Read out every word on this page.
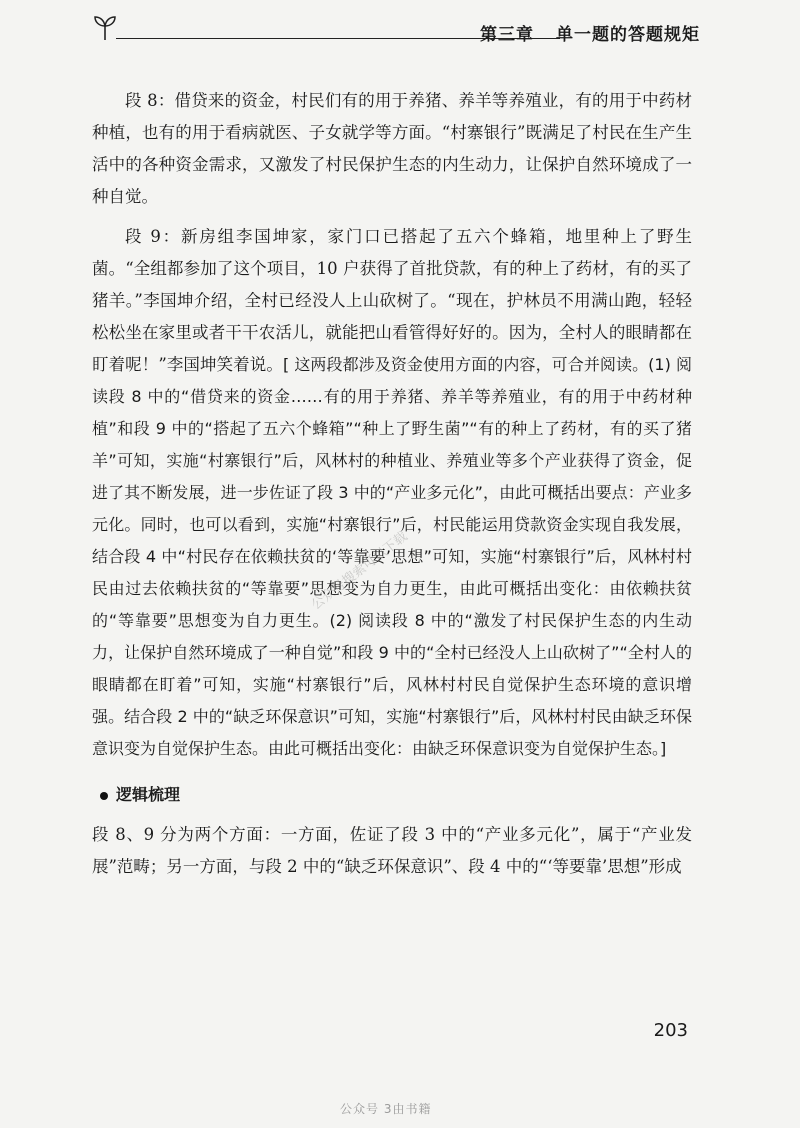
第三章 单一题的答题规矩

段 8：借贷来的资金，村民们有的用于养猪、养羊等养殖业，有的用于中药材种植，也有的用于看病就医、子女就学等方面。“村寨银行”既满足了村民在生产生活中的各种资金需求，又激发了村民保护生态的内生动力，让保护自然环境成了一种自觉。

段 9：新房组李国坤家，家门口已搭起了五六个蜂箱，地里种上了野生菌。“全组都参加了这个项目，10 户获得了首批贷款，有的种上了药材，有的买了猪羊。”李国坤介绍，全村已经没人上山砍树了。“现在，护林员不用满山跑，轻轻松松坐在家里或者干干农活儿，就能把山看管得好好的。因为，全村人的眼睛都在盯着呢！”李国坤笑着说。[ 这两段都涉及资金使用方面的内容，可合并阅读。(1) 阅读段 8 中的“借贷来的资金……有的用于养猪、养羊等养殖业，有的用于中药材种植”和段 9 中的“搭起了五六个蜂箱”“种上了野生菌”“有的种上了药材，有的买了猪羊”可知，实施“村寨银行”后，风林村的种植业、养殖业等多个产业获得了资金，促进了其不断发展，进一步佐证了段 3 中的“产业多元化”，由此可概括出要点：产业多元化。同时，也可以看到，实施“村寨银行”后，村民能运用贷款资金实现自我发展，结合段 4 中“村民存在依赖扶贫的‘等靠要’思想”可知，实施“村寨银行”后，风林村村民由过去依赖扶贫的“等靠要”思想变为自力更生，由此可概括出变化：由依赖扶贫的“等靠要”思想变为自力更生。(2) 阅读段 8 中的“激发了村民保护生态的内生动力，让保护自然环境成了一种自觉”和段 9 中的“全村已经没人上山砍树了”“全村人的眼睛都在盯着”可知，实施“村寨银行”后，风林村村民自觉保护生态环境的意识增强。结合段 2 中的“缺乏环保意识”可知，实施“村寨银行”后，风林村村民由缺乏环保意识变为自觉保护生态。由此可概括出变化：由缺乏环保意识变为自觉保护生态。]

逻辑梳理

段 8、9 分为两个方面：一方面，佐证了段 3 中的“产业多元化”，属于“产业发展”范畴；另一方面，与段 2 中的“缺乏环保意识”、段 4 中的“‘等要靠’思想”形成

公众号搜索可以下载
203
公众号 3由书籍
